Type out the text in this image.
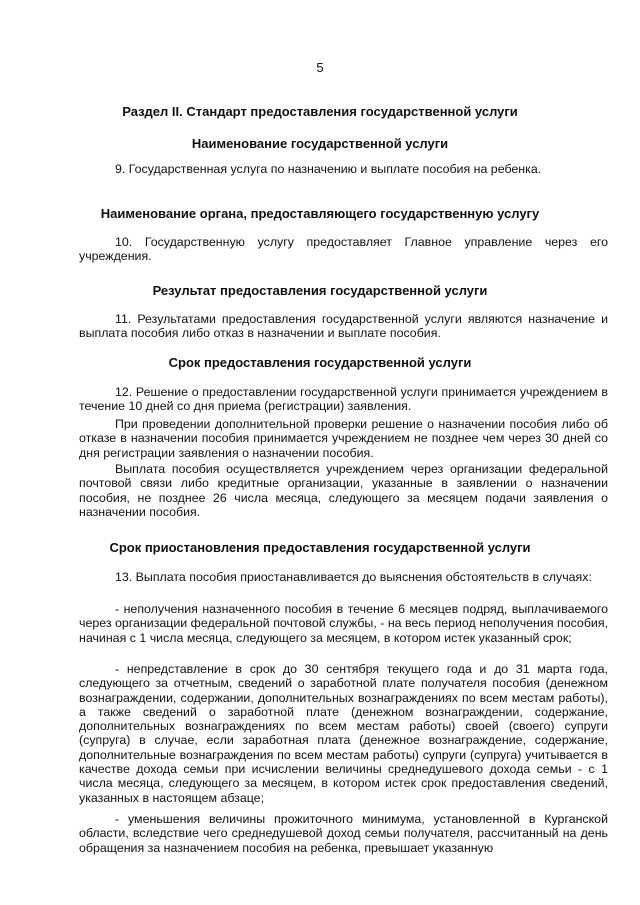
5
Раздел II. Стандарт предоставления государственной услуги
Наименование государственной услуги
9. Государственная услуга по назначению и выплате пособия на ребенка.
Наименование органа, предоставляющего государственную услугу
10. Государственную услугу предоставляет Главное управление через его учреждения.
Результат предоставления государственной услуги
11. Результатами предоставления государственной услуги являются назначение и выплата пособия либо отказ в назначении и выплате пособия.
Срок предоставления государственной услуги
12. Решение о предоставлении государственной услуги принимается учреждением в течение 10 дней со дня приема (регистрации) заявления.
При проведении дополнительной проверки решение о назначении пособия либо об отказе в назначении пособия принимается учреждением не позднее чем через 30 дней со дня регистрации заявления о назначении пособия.
Выплата пособия осуществляется учреждением через организации федеральной почтовой связи либо кредитные организации, указанные в заявлении о назначении пособия, не позднее 26 числа месяца, следующего за месяцем подачи заявления о назначении пособия.
Срок приостановления предоставления государственной услуги
13. Выплата пособия приостанавливается до выяснения обстоятельств в случаях:
- неполучения назначенного пособия в течение 6 месяцев подряд, выплачиваемого через организации федеральной почтовой службы, - на весь период неполучения пособия, начиная с 1 числа месяца, следующего за месяцем, в котором истек указанный срок;
- непредставление в срок до 30 сентября текущего года и до 31 марта года, следующего за отчетным, сведений о заработной плате получателя пособия (денежном вознаграждении, содержании, дополнительных вознаграждениях по всем местам работы), а также сведений о заработной плате (денежном вознаграждении, содержание, дополнительных вознаграждениях по всем местам работы) своей (своего) супруги (супруга) в случае, если заработная плата (денежное вознаграждение, содержание, дополнительные вознаграждения по всем местам работы) супруги (супруга) учитывается в качестве дохода семьи при исчислении величины среднедушевого дохода семьи - с 1 числа месяца, следующего за месяцем, в котором истек срок предоставления сведений, указанных в настоящем абзаце;
- уменьшения величины прожиточного минимума, установленной в Курганской области, вследствие чего среднедушевой доход семьи получателя, рассчитанный на день обращения за назначением пособия на ребенка, превышает указанную
